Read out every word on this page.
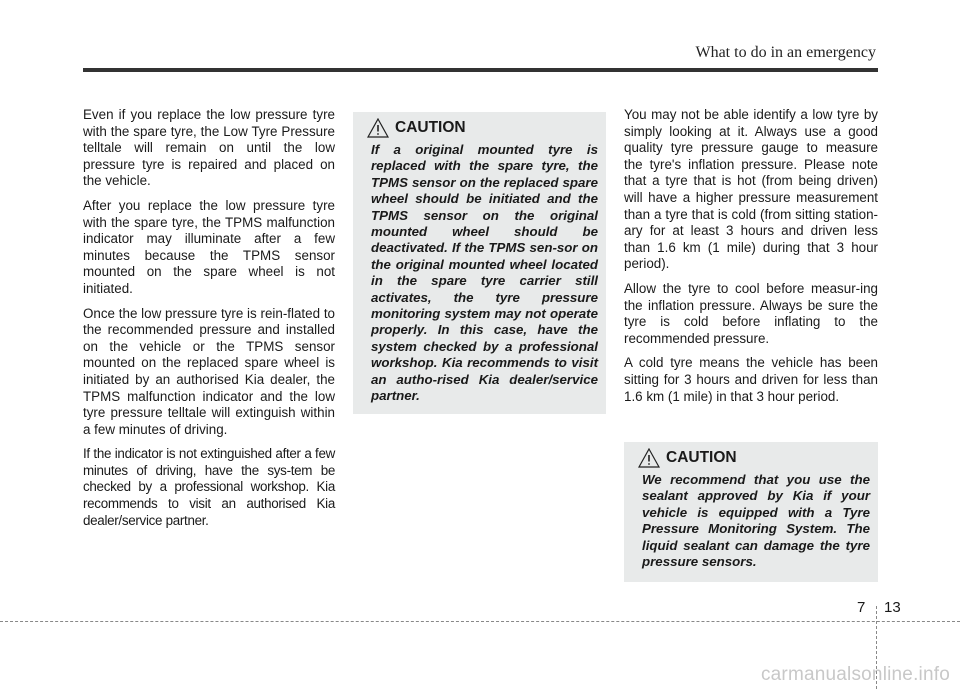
What to do in an emergency

Even if you replace the low pressure tyre with the spare tyre, the Low Tyre Pressure telltale will remain on until the low pressure tyre is repaired and placed on the vehicle.

After you replace the low pressure tyre with the spare tyre, the TPMS malfunction indicator may illuminate after a few minutes because the TPMS sensor mounted on the spare wheel is not initiated.

Once the low pressure tyre is rein-flated to the recommended pressure and installed on the vehicle or the TPMS sensor mounted on the replaced spare wheel is initiated by an authorised Kia dealer, the TPMS malfunction indicator and the low tyre pressure telltale will extinguish within a few minutes of driving.

If the indicator is not extinguished after a few minutes of driving, have the sys-tem be checked by a professional workshop. Kia recommends to visit an authorised Kia dealer/service partner.

CAUTION

If a original mounted tyre is replaced with the spare tyre, the TPMS sensor on the replaced spare wheel should be initiated and the TPMS sensor on the original mounted wheel should be deactivated. If the TPMS sen-sor on the original mounted wheel located in the spare tyre carrier still activates, the tyre pressure monitoring system may not operate properly. In this case, have the system checked by a professional workshop. Kia recommends to visit an autho-rised Kia dealer/service partner.

You may not be able identify a low tyre by simply looking at it. Always use a good quality tyre pressure gauge to measure the tyre's inflation pressure. Please note that a tyre that is hot (from being driven) will have a higher pressure measurement than a tyre that is cold (from sitting station-ary for at least 3 hours and driven less than 1.6 km (1 mile) during that 3 hour period).

Allow the tyre to cool before measur-ing the inflation pressure. Always be sure the tyre is cold before inflating to the recommended pressure.

A cold tyre means the vehicle has been sitting for 3 hours and driven for less than 1.6 km (1 mile) in that 3 hour period.

CAUTION

We recommend that you use the sealant approved by Kia if your vehicle is equipped with a Tyre Pressure Monitoring System. The liquid sealant can damage the tyre pressure sensors.

7 13
carmanualsonline.info
